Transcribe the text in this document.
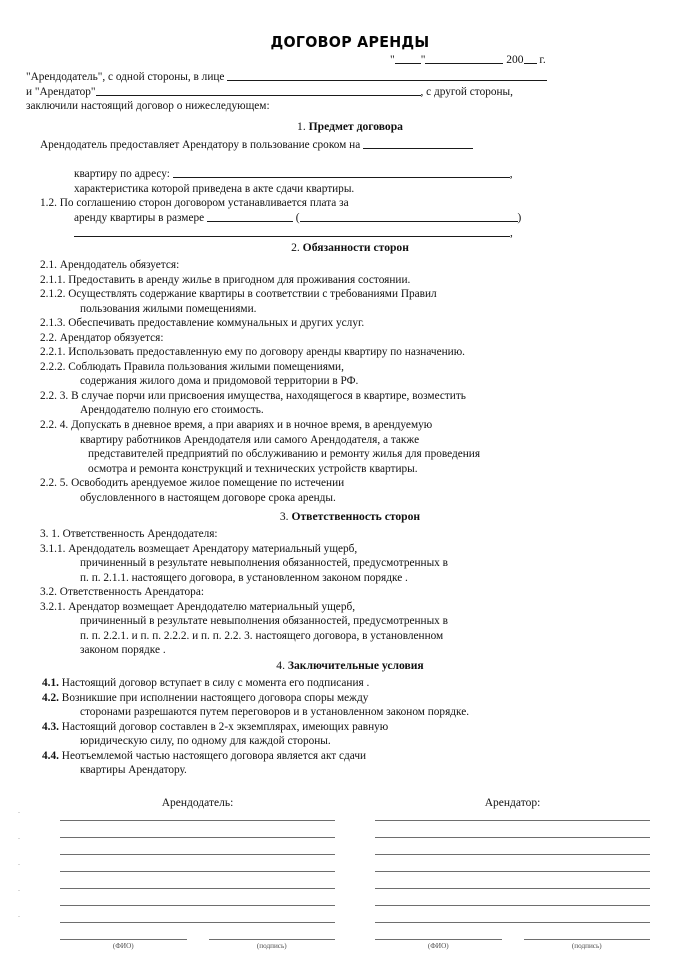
ДОГОВОР АРЕНДЫ
" "	200 г.
"Арендодатель", с одной стороны, в лице
и "Арендатор"	, с другой стороны,
заключили настоящий договор о нижеследующем:
1. Предмет договора
Арендодатель предоставляет Арендатору в пользование сроком на
квартиру по адресу:	,
характеристика которой приведена в акте сдачи квартиры.
1.2. По соглашению сторон договором устанавливается плата за
аренду квартиры в размере	(	)
,
2. Обязанности сторон
2.1. Арендодатель обязуется:
2.1.1. Предоставить в аренду жилье в пригодном для проживания состоянии.
2.1.2. Осуществлять содержание квартиры в соответствии с требованиями Правил
пользования жилыми помещениями.
2.1.3. Обеспечивать предоставление коммунальных и других услуг.
2.2. Арендатор обязуется:
2.2.1. Использовать предоставленную ему по договору аренды квартиру по назначению.
2.2.2. Соблюдать Правила пользования жилыми помещениями,
содержания жилого дома и придомовой территории в РФ.
2.2. 3. В случае порчи или присвоения имущества, находящегося в квартире, возместить
Арендодателю полную его стоимость.
2.2. 4. Допускать в дневное время, а при авариях и в ночное время, в арендуемую
квартиру работников Арендодателя или самого Арендодателя, а также
представителей предприятий по обслуживанию и ремонту жилья для проведения
осмотра и ремонта конструкций и технических устройств квартиры.
2.2. 5. Освободить арендуемое жилое помещение по истечении
обусловленного в настоящем договоре срока аренды.
3. Ответственность сторон
3. 1. Ответственность Арендодателя:
3.1.1. Арендодатель возмещает Арендатору материальный ущерб,
причиненный в результате невыполнения обязанностей, предусмотренных в
п. п. 2.1.1. настоящего договора, в установленном законом порядке .
3.2. Ответственность Арендатора:
3.2.1. Арендатор возмещает Арендодателю материальный ущерб,
причиненный в результате невыполнения обязанностей, предусмотренных в
п. п. 2.2.1. и п. п. 2.2.2. и п. п. 2.2. 3. настоящего договора, в установленном
законом порядке .
4. Заключительные условия
4.1. Настоящий договор вступает в силу с момента его подписания .
4.2. Возникшие при исполнении настоящего договора споры между
сторонами разрешаются путем переговоров и в установленном законом порядке.
4.3. Настоящий договор составлен в 2-х экземплярах, имеющих равную
юридическую силу, по одному для каждой стороны.
4.4. Неотъемлемой частью настоящего договора является акт сдачи
квартиры Арендатору.
Арендодатель:
(ФИО)	(подпись)
Арендатор:
(ФИО)	(подпись)
